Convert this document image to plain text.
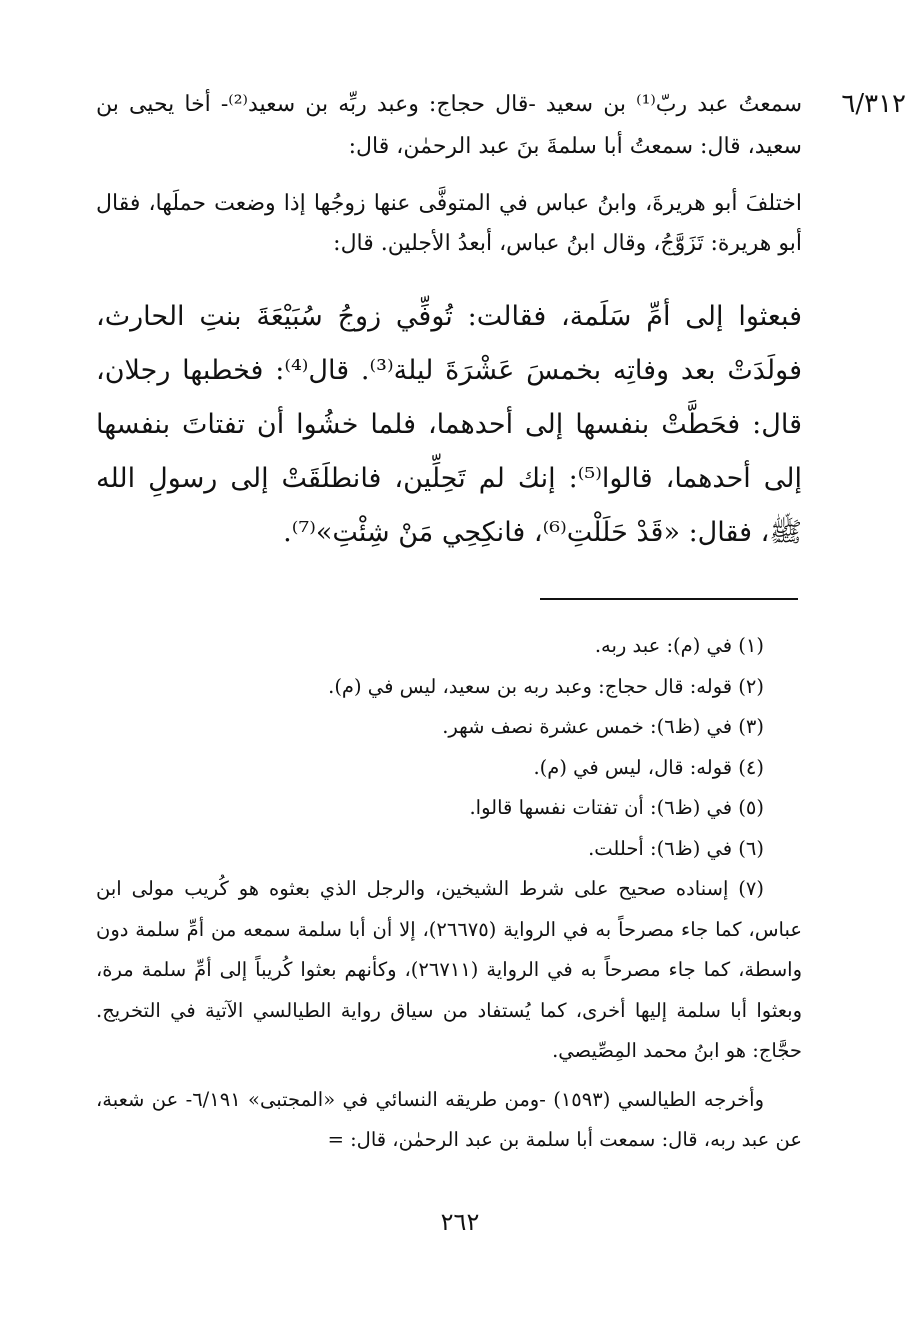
٦/٣١٢

سمعتُ عبد ربّ⁽¹⁾ بن سعيد -قال حجاج: وعبد ربِّه بن سعيد⁽²⁾- أخا يحيى بن سعيد، قال: سمعتُ أبا سلمةَ بنَ عبد الرحمٰن، قال:

اختلفَ أبو هريرةَ، وابنُ عباس في المتوفَّى عنها زوجُها إذا وضعت حملَها، فقال أبو هريرة: تَزَوَّجُ، وقال ابنُ عباس، أبعدُ الأجلين. قال:

فبعثوا إلى أمِّ سَلَمة، فقالت: تُوفِّي زوجُ سُبَيْعَةَ بنتِ الحارث، فولَدَتْ بعد وفاتِه بخمسَ عَشْرَةَ ليلة⁽³⁾. قال⁽⁴⁾: فخطبها رجلان، قال: فحَطَّتْ بنفسها إلى أحدهما، فلما خشُوا أن تفتاتَ بنفسها إلى أحدهما، قالوا⁽⁵⁾: إنك لم تَحِلِّين، فانطلَقَتْ إلى رسولِ الله ﷺ، فقال: «قَدْ حَلَلْتِ⁽⁶⁾، فانكِحِي مَنْ شِئْتِ»⁽⁷⁾.

(١) في (م): عبد ربه.

(٢) قوله: قال حجاج: وعبد ربه بن سعيد، ليس في (م).

(٣) في (ظ٦): خمس عشرة نصف شهر.

(٤) قوله: قال، ليس في (م).

(٥) في (ظ٦): أن تفتات نفسها قالوا.

(٦) في (ظ٦): أحللت.

(٧) إسناده صحيح على شرط الشيخين، والرجل الذي بعثوه هو كُريب مولى ابن عباس، كما جاء مصرحاً به في الرواية (٢٦٦٧٥)، إلا أن أبا سلمة سمعه من أمِّ سلمة دون واسطة، كما جاء مصرحاً به في الرواية (٢٦٧١١)، وكأنهم بعثوا كُريباً إلى أمِّ سلمة مرة، وبعثوا أبا سلمة إليها أخرى، كما يُستفاد من سياق رواية الطيالسي الآتية في التخريج. حجَّاج: هو ابنُ محمد المِصِّيصي.

وأخرجه الطيالسي (١٥٩٣) -ومن طريقه النسائي في «المجتبى» ٦/١٩١- عن شعبة، عن عبد ربه، قال: سمعت أبا سلمة بن عبد الرحمٰن، قال: =

٢٦٢
